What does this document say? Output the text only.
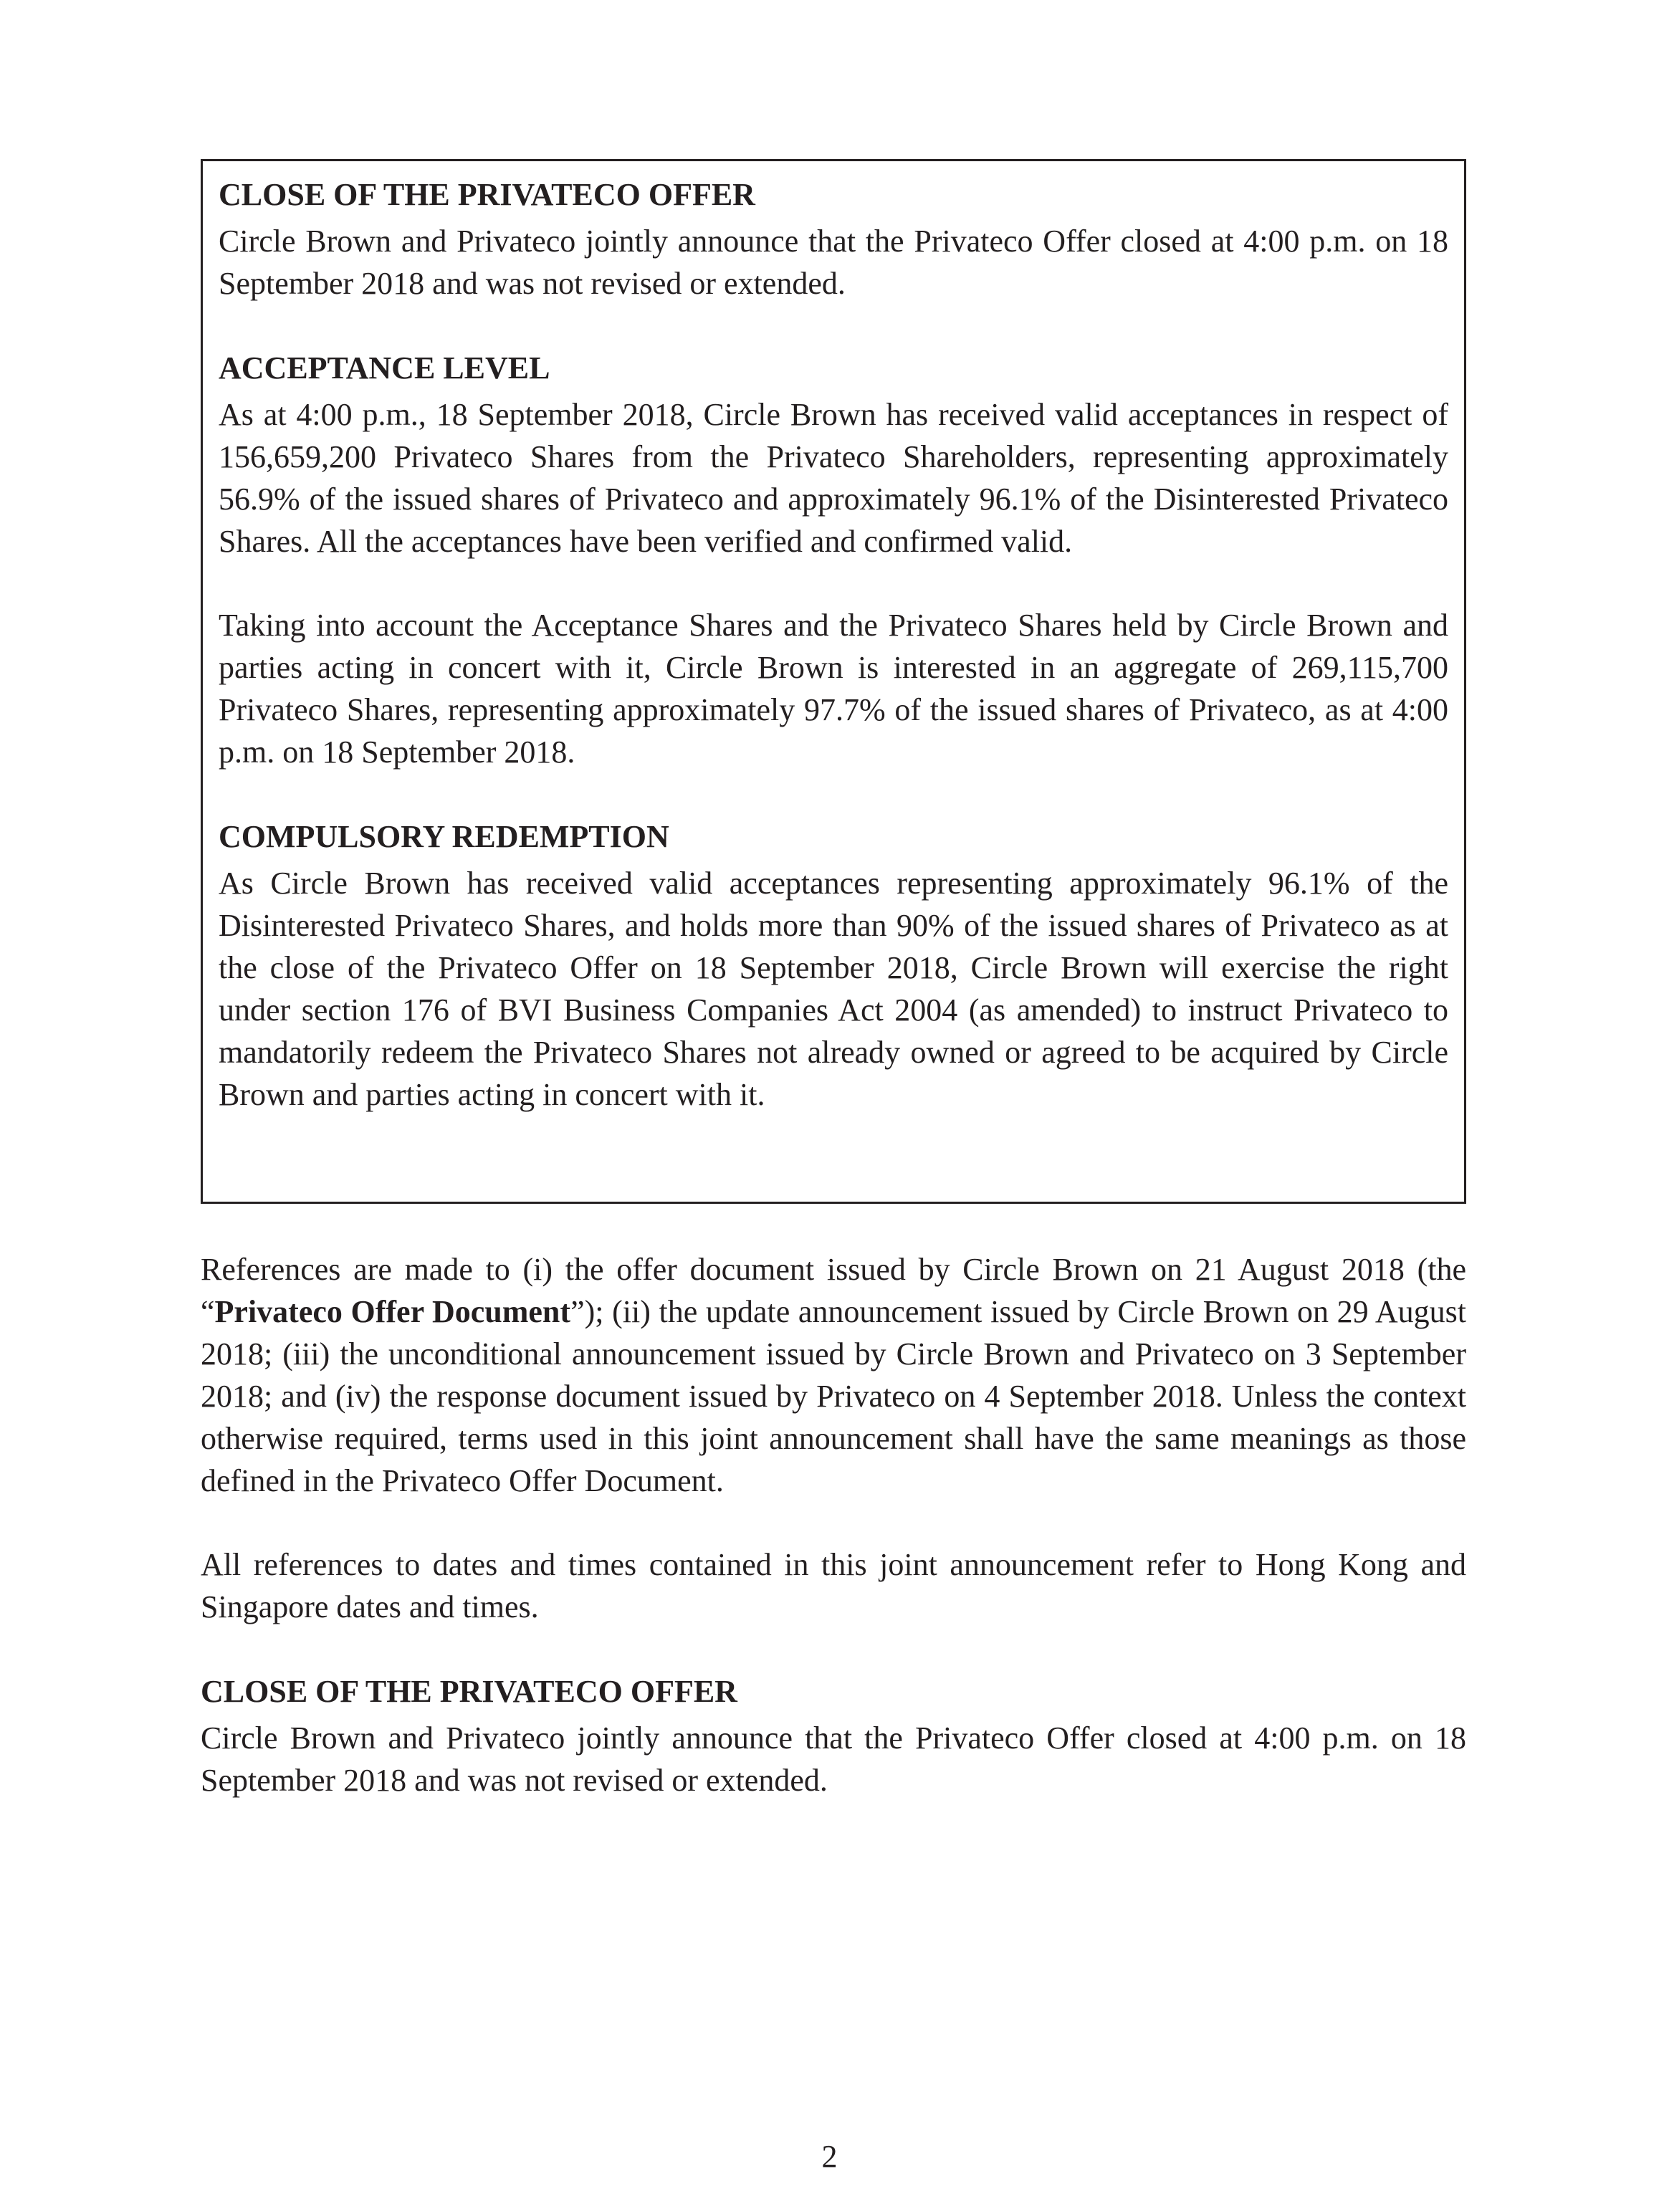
CLOSE OF THE PRIVATECO OFFER

Circle Brown and Privateco jointly announce that the Privateco Offer closed at 4:00 p.m. on 18 September 2018 and was not revised or extended.

ACCEPTANCE LEVEL

As at 4:00 p.m., 18 September 2018, Circle Brown has received valid acceptances in respect of 156,659,200 Privateco Shares from the Privateco Shareholders, representing approximately 56.9% of the issued shares of Privateco and approximately 96.1% of the Disinterested Privateco Shares. All the acceptances have been verified and confirmed valid.

Taking into account the Acceptance Shares and the Privateco Shares held by Circle Brown and parties acting in concert with it, Circle Brown is interested in an aggregate of 269,115,700 Privateco Shares, representing approximately 97.7% of the issued shares of Privateco, as at 4:00 p.m. on 18 September 2018.

COMPULSORY REDEMPTION

As Circle Brown has received valid acceptances representing approximately 96.1% of the Disinterested Privateco Shares, and holds more than 90% of the issued shares of Privateco as at the close of the Privateco Offer on 18 September 2018, Circle Brown will exercise the right under section 176 of BVI Business Companies Act 2004 (as amended) to instruct Privateco to mandatorily redeem the Privateco Shares not already owned or agreed to be acquired by Circle Brown and parties acting in concert with it.

References are made to (i) the offer document issued by Circle Brown on 21 August 2018 (the “Privateco Offer Document”); (ii) the update announcement issued by Circle Brown on 29 August 2018; (iii) the unconditional announcement issued by Circle Brown and Privateco on 3 September 2018; and (iv) the response document issued by Privateco on 4 September 2018. Unless the context otherwise required, terms used in this joint announcement shall have the same meanings as those defined in the Privateco Offer Document.

All references to dates and times contained in this joint announcement refer to Hong Kong and Singapore dates and times.

CLOSE OF THE PRIVATECO OFFER

Circle Brown and Privateco jointly announce that the Privateco Offer closed at 4:00 p.m. on 18 September 2018 and was not revised or extended.

2
